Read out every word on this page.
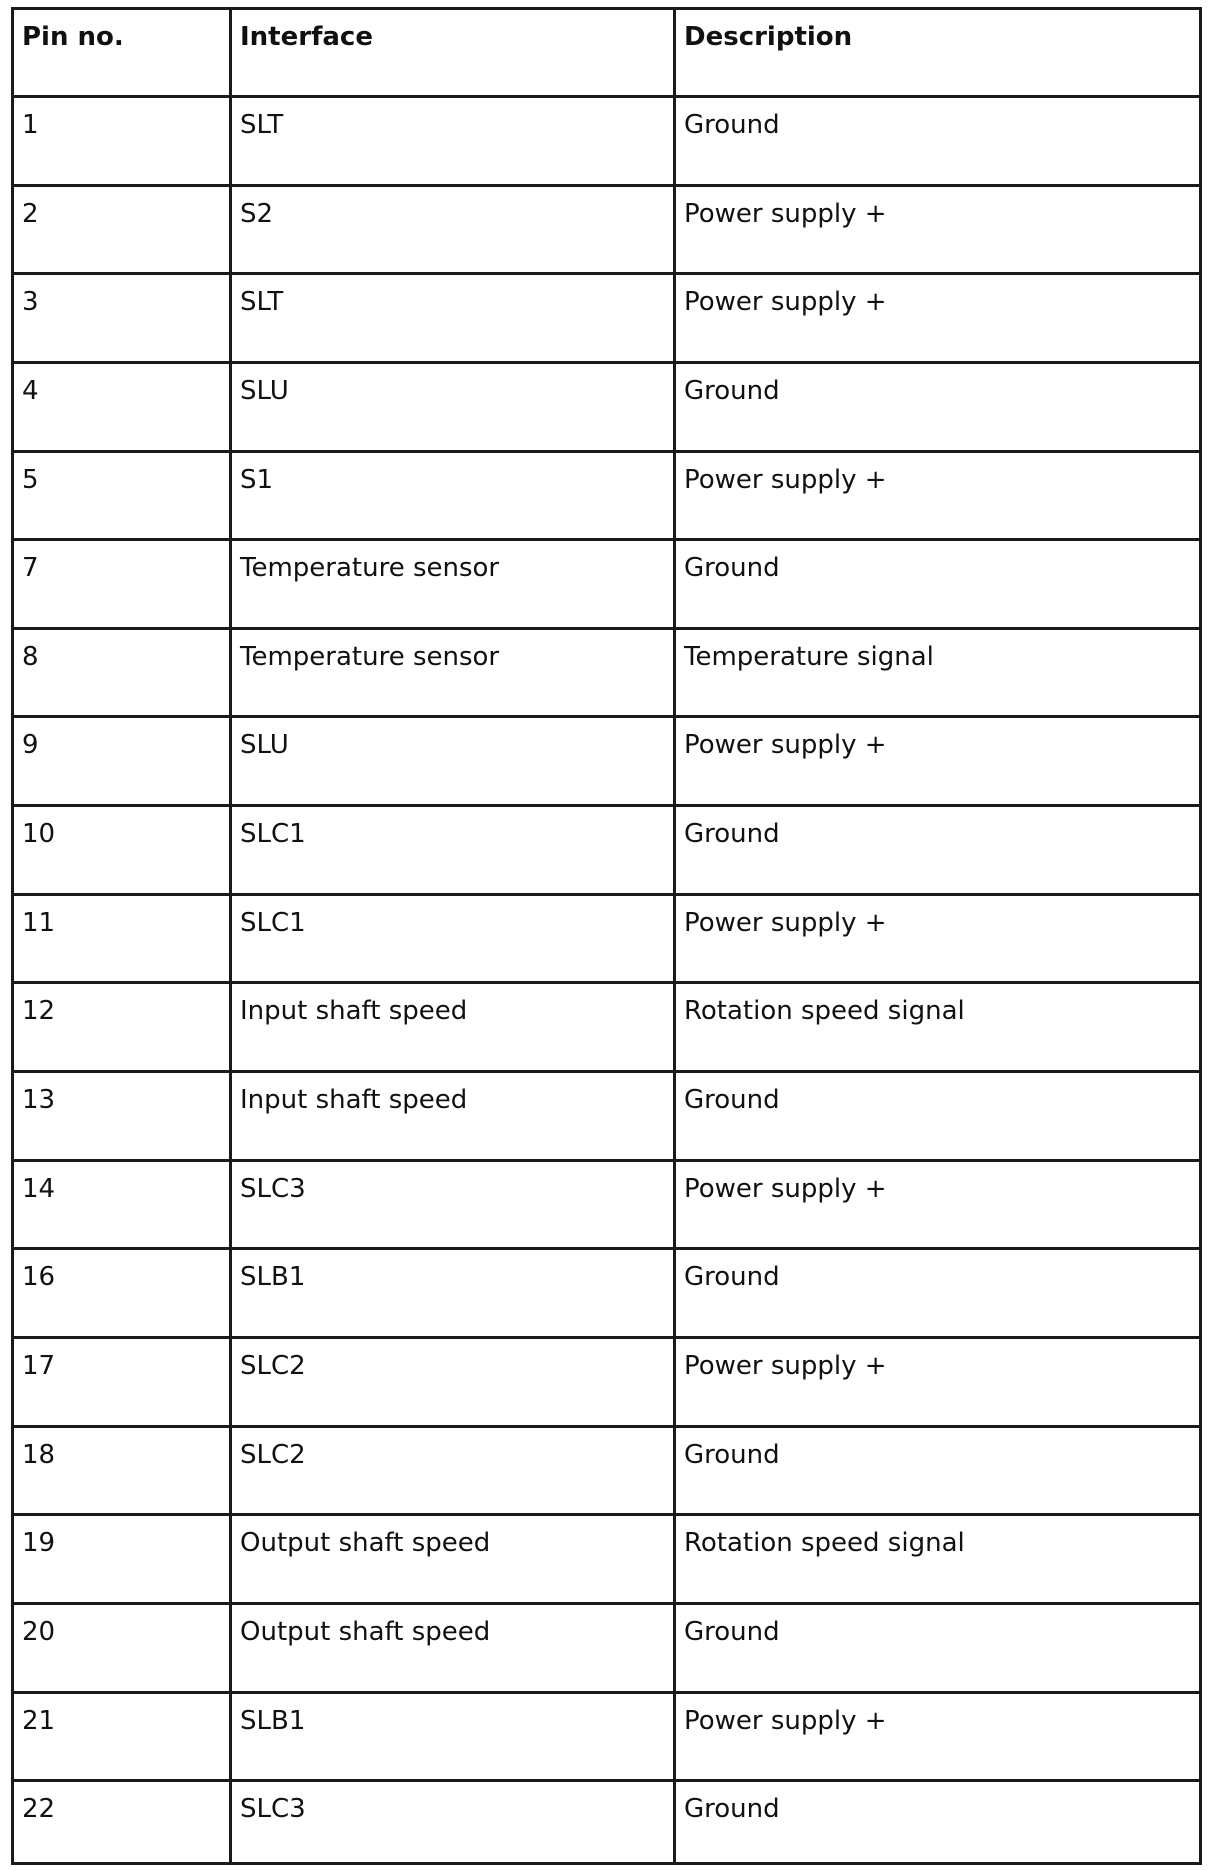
Pin no.	Interface	Description
1	SLT	Ground
2	S2	Power supply +
3	SLT	Power supply +
4	SLU	Ground
5	S1	Power supply +
7	Temperature sensor	Ground
8	Temperature sensor	Temperature signal
9	SLU	Power supply +
10	SLC1	Ground
11	SLC1	Power supply +
12	Input shaft speed	Rotation speed signal
13	Input shaft speed	Ground
14	SLC3	Power supply +
16	SLB1	Ground
17	SLC2	Power supply +
18	SLC2	Ground
19	Output shaft speed	Rotation speed signal
20	Output shaft speed	Ground
21	SLB1	Power supply +
22	SLC3	Ground
